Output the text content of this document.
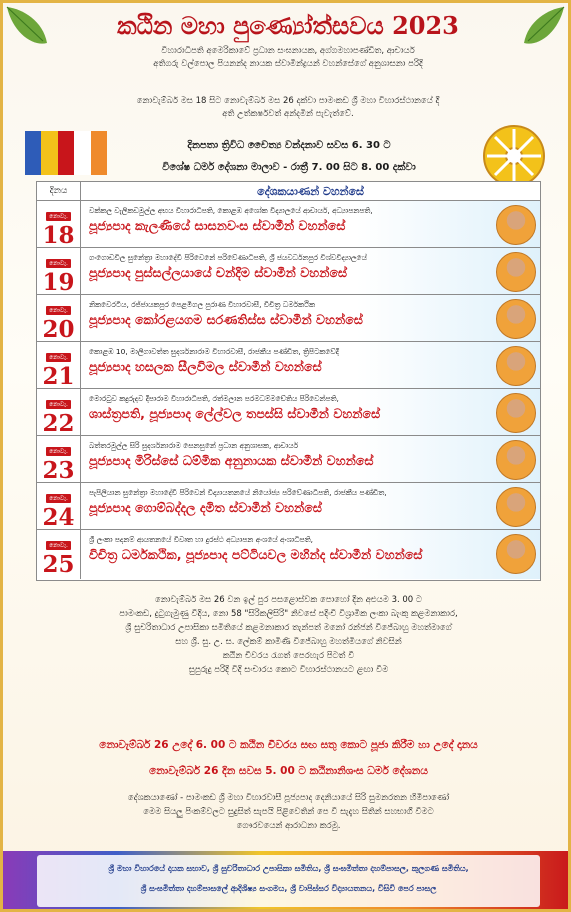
කඨින මහා පුණ්‍යෝත්සවය 2023
විහාරාධිපති අමෙරිකාවේ ප්‍රධාන සංඝනායක, අග්ගමහාපණ්ඩිත, ආචාර්ය
අතිගරු වල්පොල පියනන්ද නායක ස්වාමීන්ද්‍රයන් වහන්සේගේ අනුශාසනා පරිදි
නොවැම්බර් මස 18 සිට නොවැම්බර් මස 26 දක්වා පාමංකඩ ශ්‍රී මහා විහාරස්ථානයේ දී
අති උත්කර්ෂවත් අන්දමින් පැවැත්වේ.
දිනපතා ත්‍රිවිධ චෛත්‍ය වන්දනාව සවස 6. 30 ට
විශේෂ ධර්ම දේශනා මාලාව - රාත්‍රී 7. 00 සිට 8. 00 දක්වා
දිනය	දේශකයාණන් වහන්සේ
නොවැ.
18
වක්කල වැලිකඩමුල්ල අභය විහාරාධිපති, කොළඹ අශෝක විද්‍යාලයේ ආචාර්ය, අධ්‍යාපනපති,
පූජ්‍යපාද කැලණියේ සාසනවංස ස්වාමීන් වහන්සේ
නොවැ.
19
ගංගොඩවිල සුනේත්‍රා මහාදේවී පිරිවෙනේ පරිවේණාධිපති, ශ්‍රී ජයවර්ධනපුර විශ්වවිද්‍යාලයේ
පූජ්‍යපාද පුස්සල්ලයායේ චන්දිම ස්වාමීන් වහන්සේ
නොවැ.
20
නිකවෙරටිය, රජ්ජායකපුර පෙළමිගල පුරාණ විහාරවාසී, විචිත්‍ර ධර්මකථික
පූජ්‍යපාද කෝරළයගම සරණතිස්ස ස්වාමීන් වහන්සේ
නොවැ.
21
කොළඹ 10, මාලිගාවත්ත සුදර්ශනාරාම විහාරවාසී, රාජකීය පණ්ඩිත, ත්‍රිපිටකවේදී
පූජ්‍යපාද හසලක සීලවිමල ස්වාමීන් වහන්සේ
නොවැ.
22
මොරටුව කදුරුදව දීපාරාම විහාරාධිපති, රත්මලාන පරමධම්මචේතිය පිරිවෙන්පති,
ශාස්ත්‍රපති, පූජ්‍යපාද ලේල්වල තපස්සි ස්වාමීන් වහන්සේ
නොවැ.
23
බත්තරමුල්ල සිරි සුදර්ශනාරාම සෙනසුනේ ප්‍රධාන අනුශාසක, ආචාර්ය
පූජ්‍යපාද මිරිස්සේ ධම්මික අනුනායක ස්වාමීන් වහන්සේ
නොවැ.
24
පැපිලියාන සුනේත්‍රා මහාදේවී පිරිවෙන් විද්‍යායතනයේ නියෝජ්‍ය පරිවේණාධිපති, රාජකීය පණ්ඩිත,
පූජ්‍යපාද ගොම්බද්දල දමිත ස්වාමීන් වහන්සේ
නොවැ.
25
ශ්‍රී ලංකා පදනම් ආයතනයේ විවෘත හා දුරස්ථ අධ්‍යාපන අංශයේ අංශාධිපති,
විචිත්‍ර ධර්මකථික, පූජ්‍යපාද පට්ටියවල මහින්ද ස්වාමීන් වහන්සේ
නොවැම්බර් මස 26 වන ඉල් පුර පසළොස්වක පොහෝ දින අළුයම 3. 00 ට
පාමංකඩ, දුටුගැමුණු වීදිය, නො 58 "සිරිකලිසිරි" නිවසේ පදිංචි විශ්‍රාමික ලංකා බැංකු කළමනාකාර,
ශ්‍රී සුචරිතාධාර උපාසිකා සමිතියේ කළමනාකාර තැන්පත් මනෝ රන්ජන් විජේබාහු මහත්මාගේ
සහ ශ්‍රී. සු. උ. ස. ලේකම් කාමිණි විජේබාහු මහත්මියගේ නිවසින්
කඨින චීවරය රැගත් පෙරහැර පිටත් වී
සුපුරුදු පරිදි විදි සංචාරය කොට විහාරස්ථානයට ළඟා වීම
නොවැම්බර් 26 උදේ 6. 00 ට කඨින චීවරය සඟ සතු කොට පූජා කිරීම හා උදේ දානය
නොවැම්බර් 26 දින සවස 5. 00 ට කඨිනානිශංස ධර්ම දේශනය
දේශකයාණෝ - පාමංකඩ ශ්‍රී මහා විහාරවාසී පූජ්‍යපාද දෙනියායේ සිරි සුමනරතන හිමිපාණෝ
මෙම සියලු පිංකම්වලට සුදුසිත් සැපයි පිළිවෙතින් පෙ වී සැදැහ සිතින් සහභාගී වීමට
ගෞරවයෙන් ආරාධනා කරමු.
ශ්‍රී මහා විහාරයේ දායක සභාව, ශ්‍රී සුචරිතාධාර උපාසිකා සමිතිය, ශ්‍රී සංඝමිත්තා දහම්පාසල, කුලගණ සමිතිය,
ශ්‍රී සංඝමිත්තා දහම්පාසලේ ආදිශිෂ්‍ය සංගමය, ශ්‍රී වාපිස්සර විද්‍යායතනය, වීසිවි පෙර පාසල
